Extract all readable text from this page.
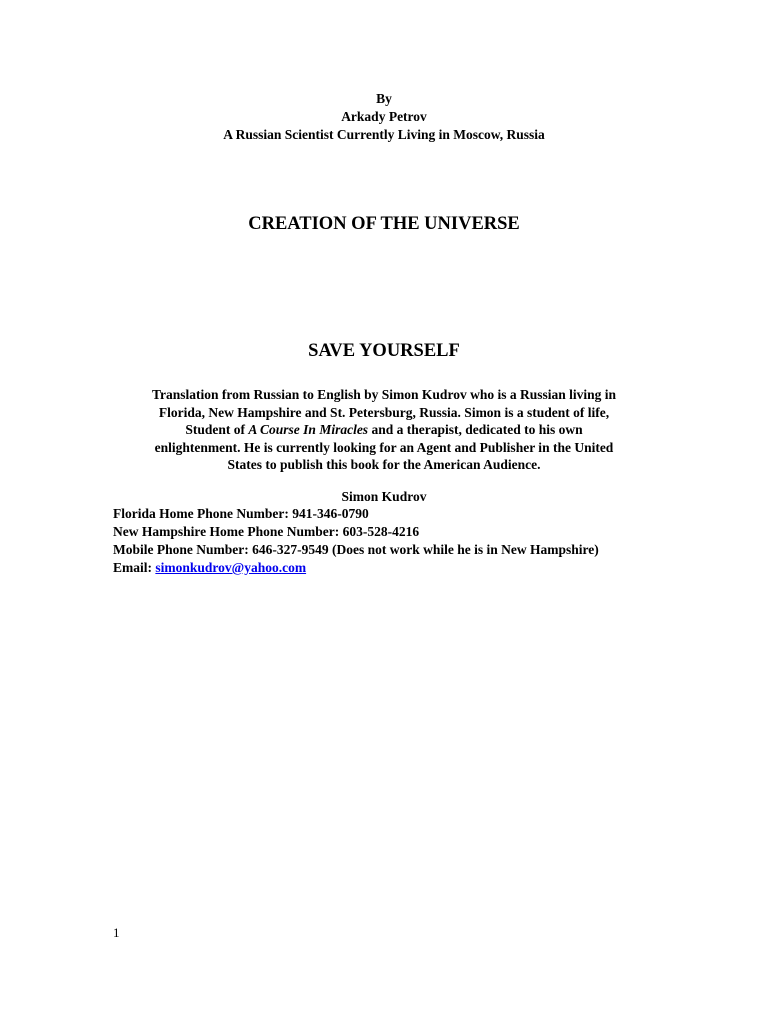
By
Arkady Petrov
A Russian Scientist Currently Living in Moscow, Russia
CREATION OF THE UNIVERSE
SAVE YOURSELF
Translation from Russian to English by Simon Kudrov who is a Russian living in
Florida, New Hampshire and St. Petersburg, Russia. Simon is a student of life,
Student of A Course In Miracles and a therapist, dedicated to his own
enlightenment. He is currently looking for an Agent and Publisher in the United
States to publish this book for the American Audience.
Simon Kudrov
Florida Home Phone Number: 941-346-0790
New Hampshire Home Phone Number: 603-528-4216
Mobile Phone Number: 646-327-9549 (Does not work while he is in New Hampshire)
Email: simonkudrov@yahoo.com
1
